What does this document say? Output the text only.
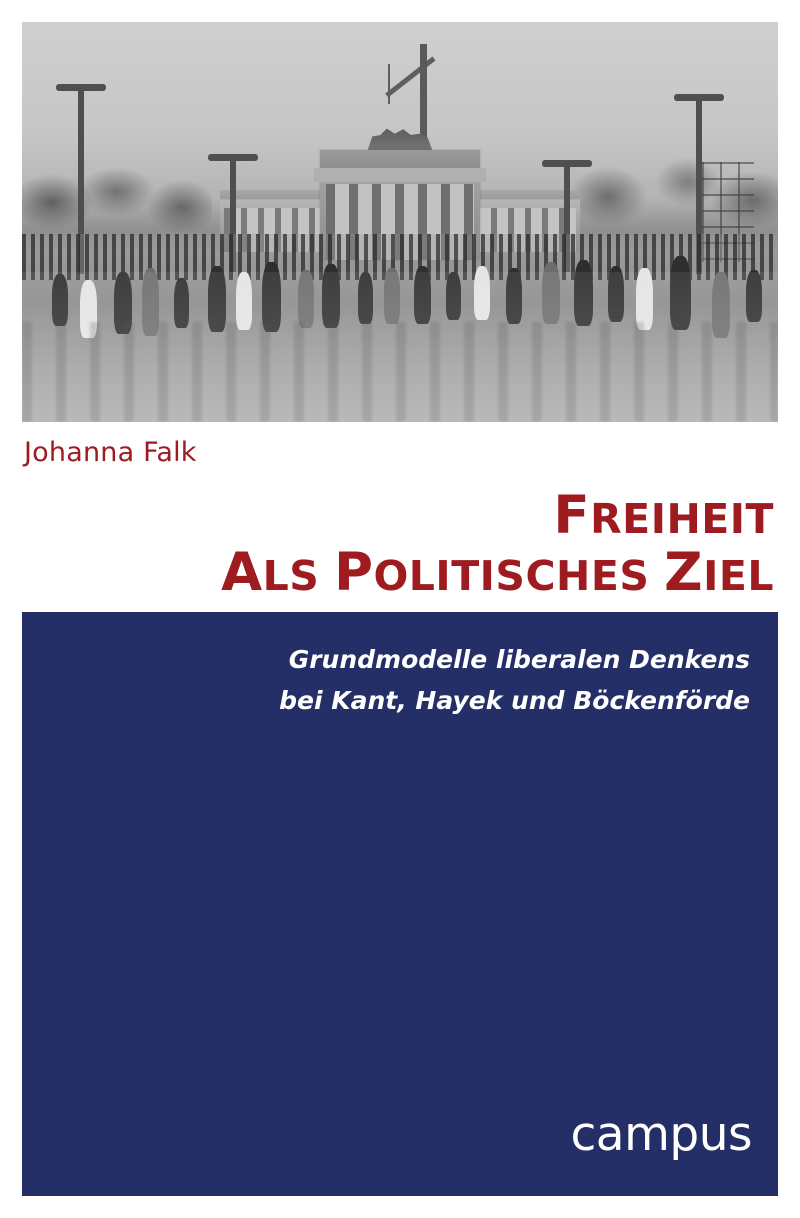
Johanna Falk
FREIHEIT
ALS POLITISCHES ZIEL
Grundmodelle liberalen Denkens
bei Kant, Hayek und Böckenförde
campus
